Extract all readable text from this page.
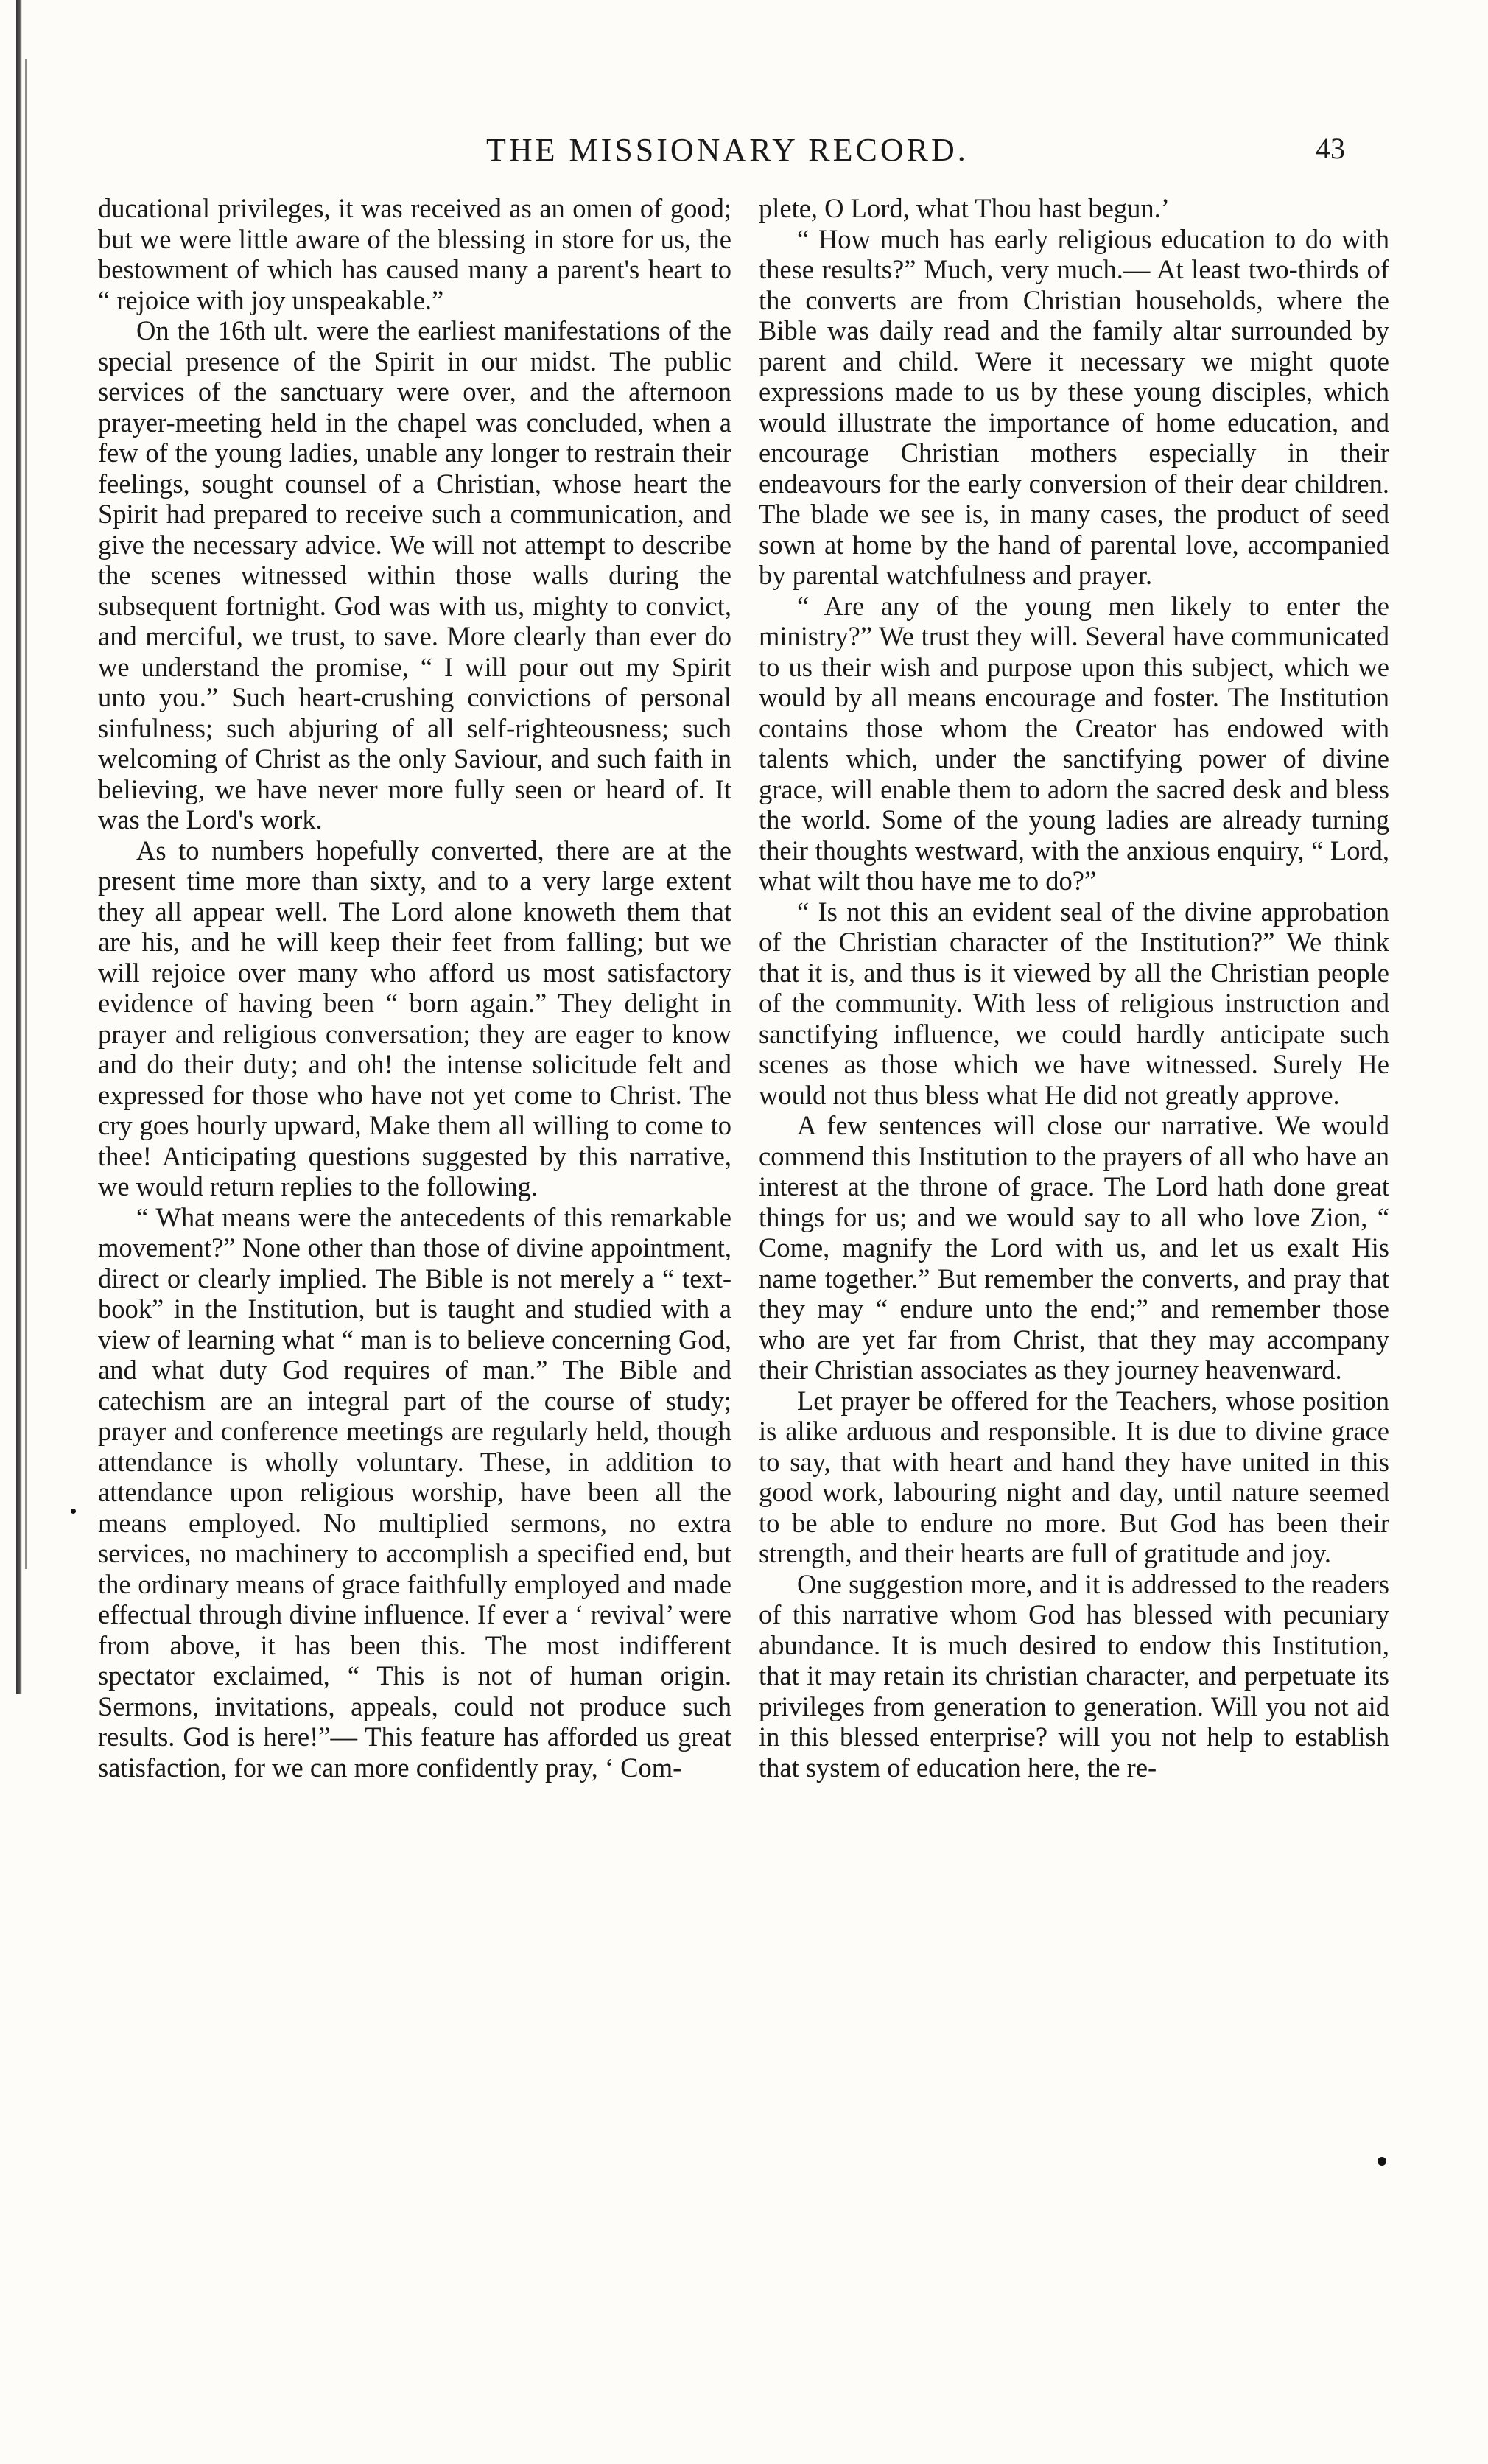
THE MISSIONARY RECORD.	43

ducational privileges, it was received as an omen of good; but we were little aware of the blessing in store for us, the bestowment of which has caused many a parent's heart to “ rejoice with joy unspeakable.”

On the 16th ult. were the earliest manifestations of the special presence of the Spirit in our midst. The public services of the sanctuary were over, and the afternoon prayer-meeting held in the chapel was concluded, when a few of the young ladies, unable any longer to restrain their feelings, sought counsel of a Christian, whose heart the Spirit had prepared to receive such a communication, and give the necessary advice. We will not attempt to describe the scenes witnessed within those walls during the subsequent fortnight. God was with us, mighty to convict, and merciful, we trust, to save. More clearly than ever do we understand the promise, “ I will pour out my Spirit unto you.” Such heart-crushing convictions of personal sinfulness; such abjuring of all self-righteousness; such welcoming of Christ as the only Saviour, and such faith in believing, we have never more fully seen or heard of. It was the Lord's work.

As to numbers hopefully converted, there are at the present time more than sixty, and to a very large extent they all appear well. The Lord alone knoweth them that are his, and he will keep their feet from falling; but we will rejoice over many who afford us most satisfactory evidence of having been “ born again.” They delight in prayer and religious conversation; they are eager to know and do their duty; and oh! the intense solicitude felt and expressed for those who have not yet come to Christ. The cry goes hourly upward, Make them all willing to come to thee! Anticipating questions suggested by this narrative, we would return replies to the following.

“ What means were the antecedents of this remarkable movement?” None other than those of divine appointment, direct or clearly implied. The Bible is not merely a “ text-book” in the Institution, but is taught and studied with a view of learning what “ man is to believe concerning God, and what duty God requires of man.” The Bible and catechism are an integral part of the course of study; prayer and conference meetings are regularly held, though attendance is wholly voluntary. These, in addition to attendance upon religious worship, have been all the means employed. No multiplied sermons, no extra services, no machinery to accomplish a specified end, but the ordinary means of grace faithfully employed and made effectual through divine influence. If ever a ‘ revival’ were from above, it has been this. The most indifferent spectator exclaimed, “ This is not of human origin. Sermons, invitations, appeals, could not produce such results. God is here!”— This feature has afforded us great satisfaction, for we can more confidently pray, ‘ Com-

plete, O Lord, what Thou hast begun.’

“ How much has early religious education to do with these results?” Much, very much.— At least two-thirds of the converts are from Christian households, where the Bible was daily read and the family altar surrounded by parent and child. Were it necessary we might quote expressions made to us by these young disciples, which would illustrate the importance of home education, and encourage Christian mothers especially in their endeavours for the early conversion of their dear children. The blade we see is, in many cases, the product of seed sown at home by the hand of parental love, accompanied by parental watchfulness and prayer.

“ Are any of the young men likely to enter the ministry?” We trust they will. Several have communicated to us their wish and purpose upon this subject, which we would by all means encourage and foster. The Institution contains those whom the Creator has endowed with talents which, under the sanctifying power of divine grace, will enable them to adorn the sacred desk and bless the world. Some of the young ladies are already turning their thoughts westward, with the anxious enquiry, “ Lord, what wilt thou have me to do?”

“ Is not this an evident seal of the divine approbation of the Christian character of the Institution?” We think that it is, and thus is it viewed by all the Christian people of the community. With less of religious instruction and sanctifying influence, we could hardly anticipate such scenes as those which we have witnessed. Surely He would not thus bless what He did not greatly approve.

A few sentences will close our narrative. We would commend this Institution to the prayers of all who have an interest at the throne of grace. The Lord hath done great things for us; and we would say to all who love Zion, “ Come, magnify the Lord with us, and let us exalt His name together.” But remember the converts, and pray that they may “ endure unto the end;” and remember those who are yet far from Christ, that they may accompany their Christian associates as they journey heavenward.

Let prayer be offered for the Teachers, whose position is alike arduous and responsible. It is due to divine grace to say, that with heart and hand they have united in this good work, labouring night and day, until nature seemed to be able to endure no more. But God has been their strength, and their hearts are full of gratitude and joy.

One suggestion more, and it is addressed to the readers of this narrative whom God has blessed with pecuniary abundance. It is much desired to endow this Institution, that it may retain its christian character, and perpetuate its privileges from generation to generation. Will you not aid in this blessed enterprise? will you not help to establish that system of education here, the re-
